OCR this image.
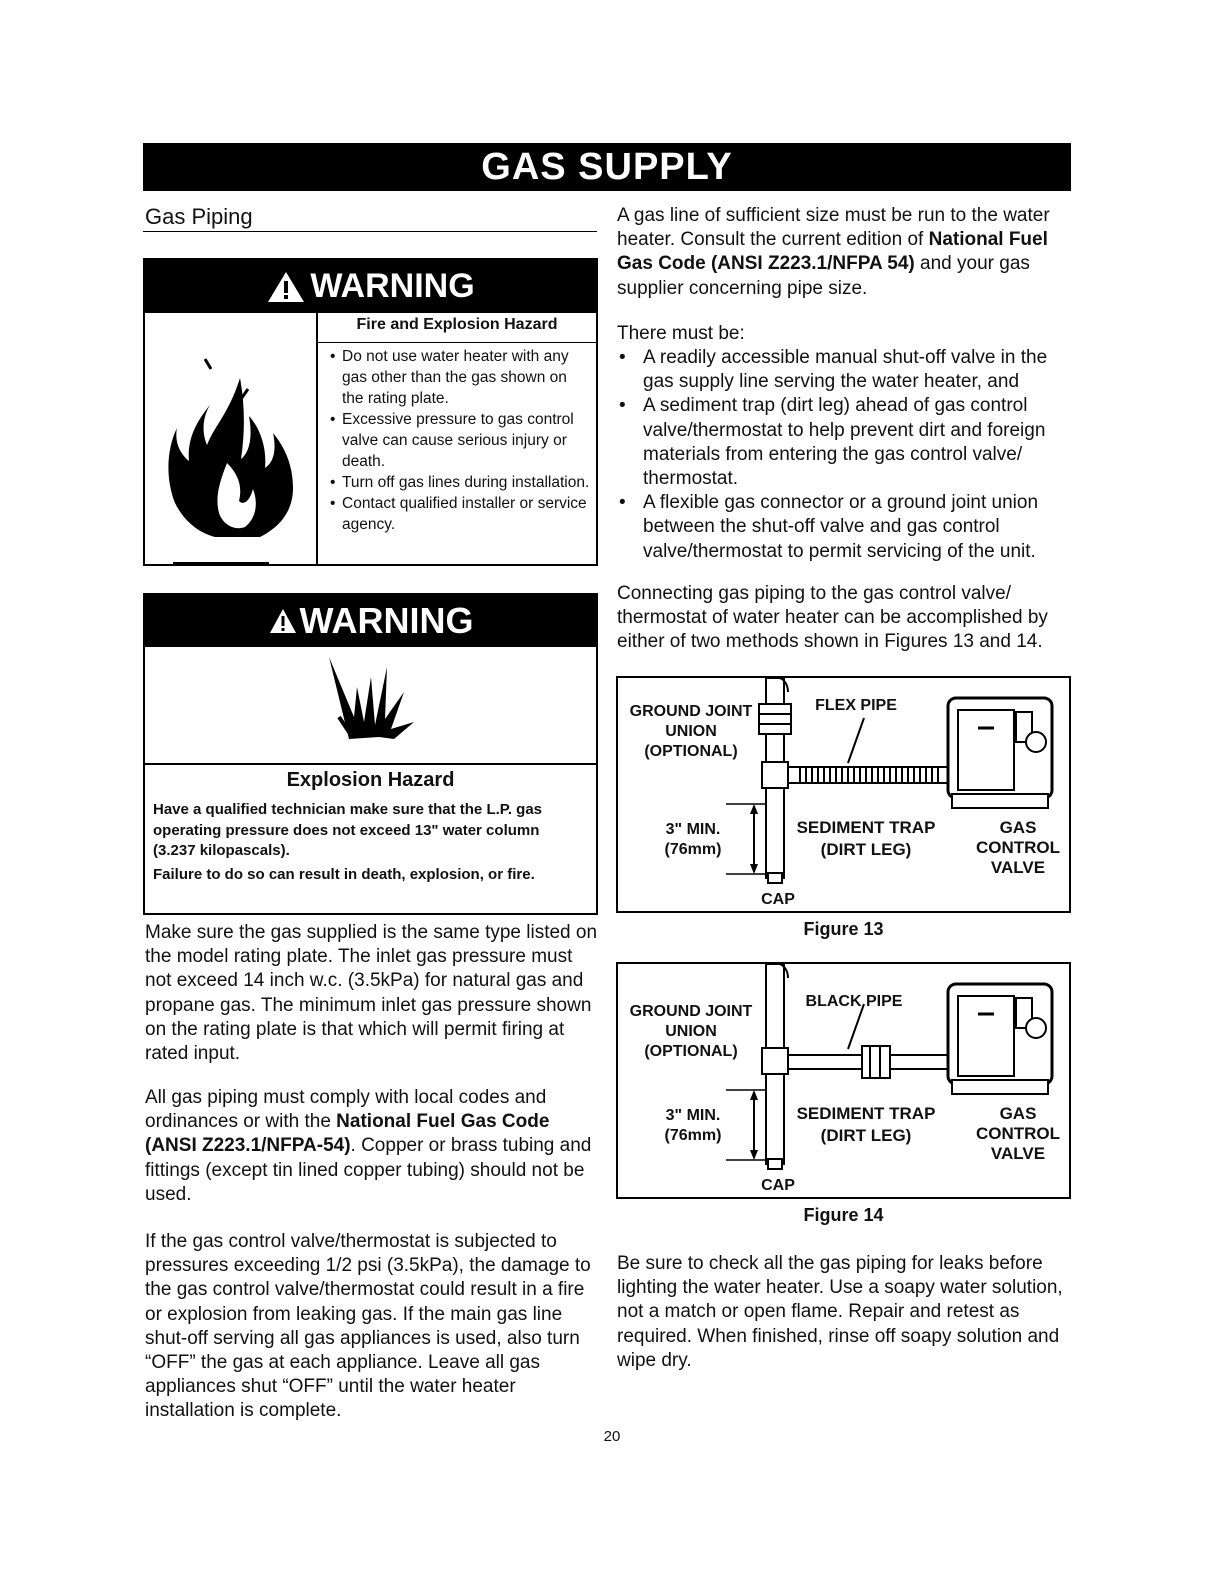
GAS SUPPLY
Gas Piping
WARNING
Fire and Explosion Hazard
• Do not use water heater with any gas other than the gas shown on the rating plate.
• Excessive pressure to gas control valve can cause serious injury or death.
• Turn off gas lines during installation.
• Contact qualified installer or service agency.
WARNING
Explosion Hazard
Have a qualified technician make sure that the L.P. gas operating pressure does not exceed 13" water column (3.237 kilopascals).
Failure to do so can result in death, explosion, or fire.
Make sure the gas supplied is the same type listed on the model rating plate. The inlet gas pressure must not exceed 14 inch w.c. (3.5kPa) for natural gas and propane gas. The minimum inlet gas pressure shown on the rating plate is that which will permit firing at rated input.
All gas piping must comply with local codes and ordinances or with the National Fuel Gas Code (ANSI Z223.1/NFPA-54). Copper or brass tubing and fittings (except tin lined copper tubing) should not be used.
If the gas control valve/thermostat is subjected to pressures exceeding 1/2 psi (3.5kPa), the damage to the gas control valve/thermostat could result in a fire or explosion from leaking gas. If the main gas line shut-off serving all gas appliances is used, also turn “OFF” the gas at each appliance. Leave all gas appliances shut “OFF” until the water heater installation is complete.
A gas line of sufficient size must be run to the water heater. Consult the current edition of National Fuel Gas Code (ANSI Z223.1/NFPA 54) and your gas supplier concerning pipe size.
There must be:
• A readily accessible manual shut-off valve in the gas supply line serving the water heater, and
• A sediment trap (dirt leg) ahead of gas control valve/thermostat to help prevent dirt and foreign materials from entering the gas control valve/ thermostat.
• A flexible gas connector or a ground joint union between the shut-off valve and gas control valve/thermostat to permit servicing of the unit.
Connecting gas piping to the gas control valve/ thermostat of water heater can be accomplished by either of two methods shown in Figures 13 and 14.
GROUND JOINT
UNION
(OPTIONAL)
FLEX PIPE
3" MIN.
(76mm)
SEDIMENT TRAP
(DIRT LEG)
GAS
CONTROL
VALVE
CAP
Figure 13
GROUND JOINT
UNION
(OPTIONAL)
BLACK PIPE
3" MIN.
(76mm)
SEDIMENT TRAP
(DIRT LEG)
GAS
CONTROL
VALVE
CAP
Figure 14
Be sure to check all the gas piping for leaks before lighting the water heater. Use a soapy water solution, not a match or open flame. Repair and retest as required. When finished, rinse off soapy solution and wipe dry.
20
